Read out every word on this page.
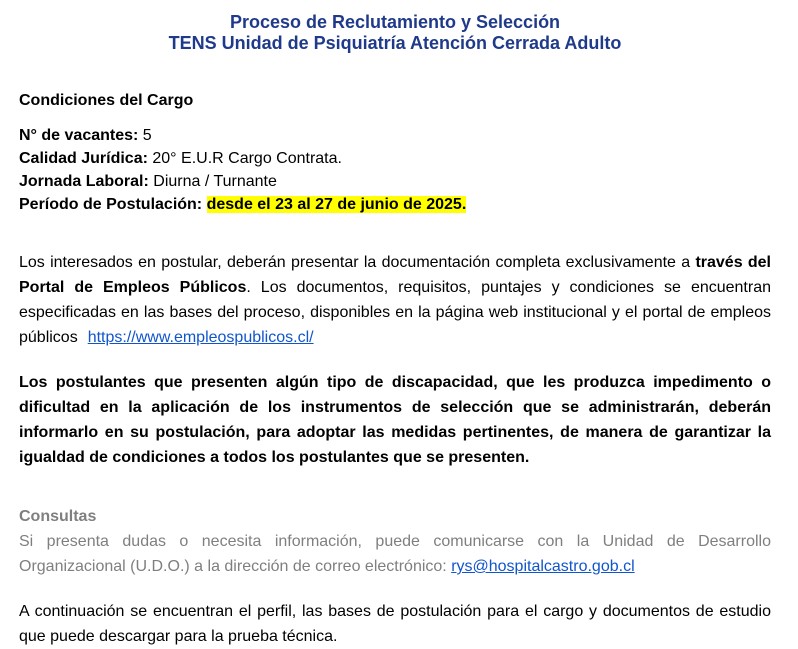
Proceso de Reclutamiento y Selección

TENS Unidad de Psiquiatría Atención Cerrada Adulto

Condiciones del Cargo

N° de vacantes: 5

Calidad Jurídica: 20° E.U.R Cargo Contrata.

Jornada Laboral: Diurna / Turnante

Período de Postulación: desde el 23 al 27 de junio de 2025.

Los interesados en postular, deberán presentar la documentación completa exclusivamente a través del Portal de Empleos Públicos. Los documentos, requisitos, puntajes y condiciones se encuentran especificadas en las bases del proceso, disponibles en la página web institucional y el portal de empleos públicos https://www.empleospublicos.cl/

Los postulantes que presenten algún tipo de discapacidad, que les produzca impedimento o dificultad en la aplicación de los instrumentos de selección que se administrarán, deberán informarlo en su postulación, para adoptar las medidas pertinentes, de manera de garantizar la igualdad de condiciones a todos los postulantes que se presenten.

Consultas
Si presenta dudas o necesita información, puede comunicarse con la Unidad de Desarrollo Organizacional (U.D.O.) a la dirección de correo electrónico: rys@hospitalcastro.gob.cl

A continuación se encuentran el perfil, las bases de postulación para el cargo y documentos de estudio que puede descargar para la prueba técnica.
